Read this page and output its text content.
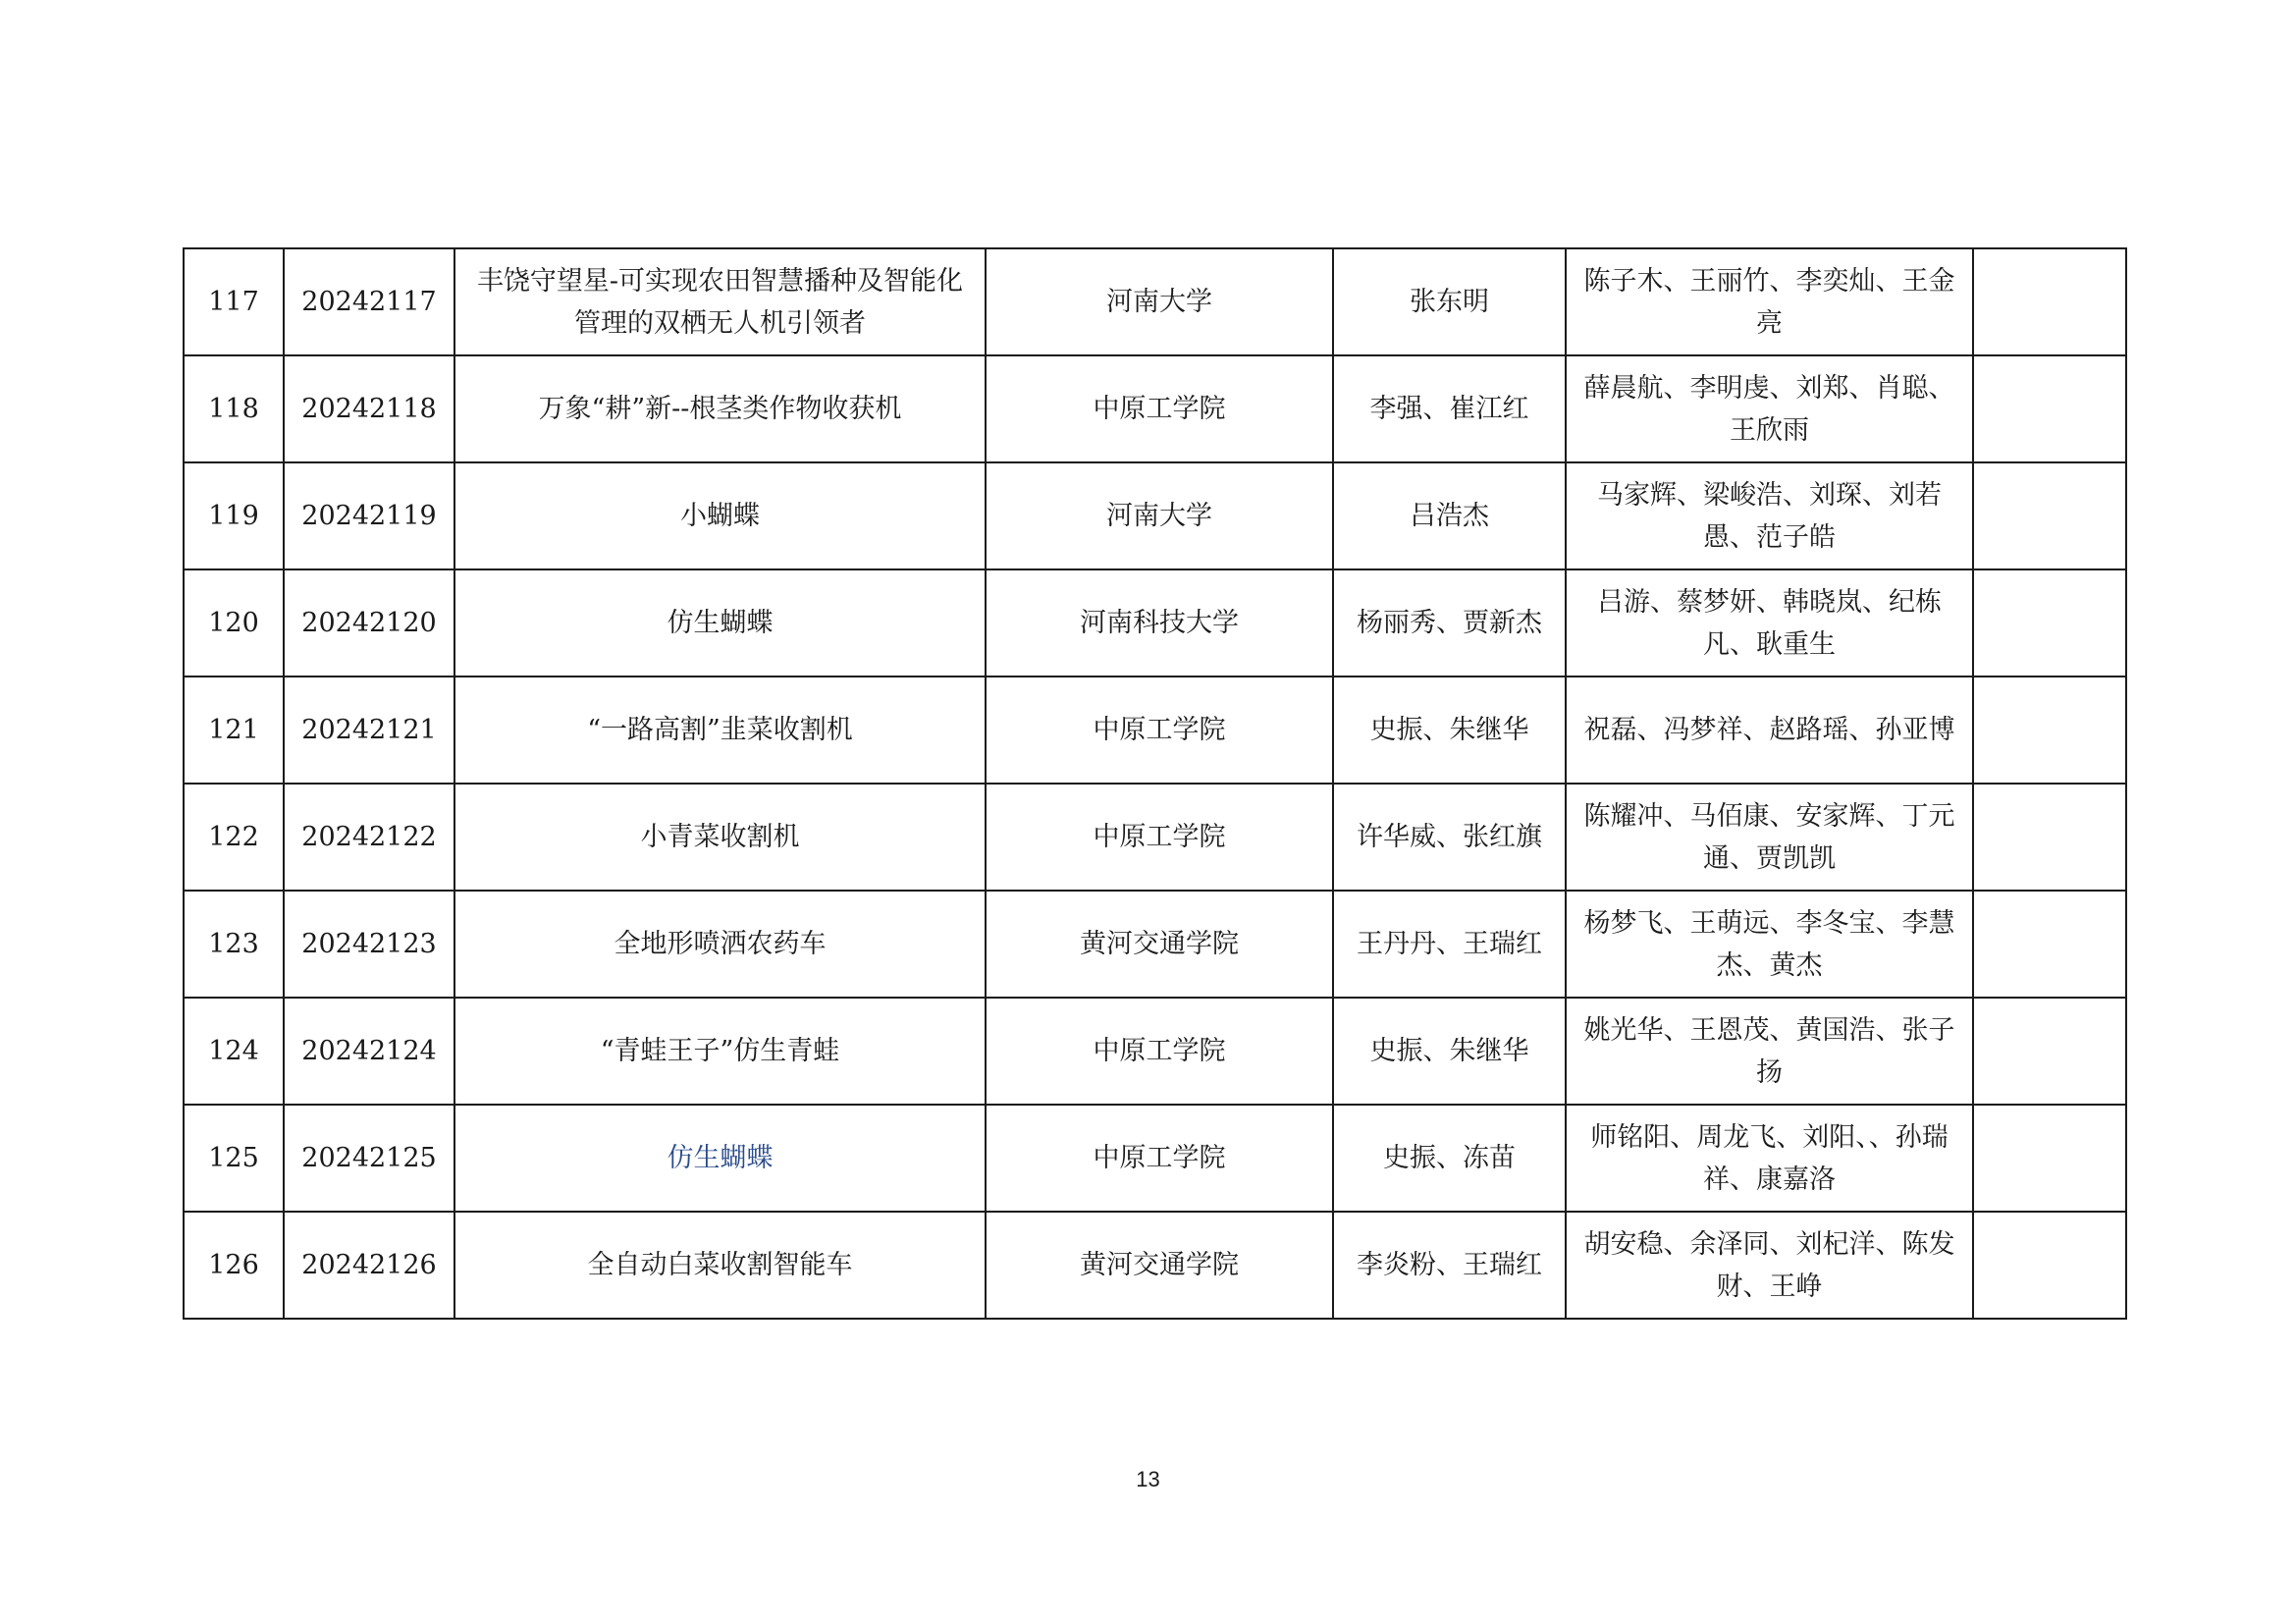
117	20242117	丰饶守望星-可实现农田智慧播种及智能化管理的双栖无人机引领者	河南大学	张东明	陈子木、王丽竹、李奕灿、王金亮	
118	20242118	万象“耕”新--根茎类作物收获机	中原工学院	李强、崔江红	薛晨航、李明虔、刘郑、肖聪、王欣雨	
119	20242119	小蝴蝶	河南大学	吕浩杰	马家辉、梁峻浩、刘琛、刘若愚、范子皓	
120	20242120	仿生蝴蝶	河南科技大学	杨丽秀、贾新杰	吕游、蔡梦妍、韩晓岚、纪栋凡、耿重生	
121	20242121	“一路高割”韭菜收割机	中原工学院	史振、朱继华	祝磊、冯梦祥、赵路瑶、孙亚博	
122	20242122	小青菜收割机	中原工学院	许华威、张红旗	陈耀冲、马佰康、安家辉、丁元通、贾凯凯	
123	20242123	全地形喷洒农药车	黄河交通学院	王丹丹、王瑞红	杨梦飞、王萌远、李冬宝、李慧杰、黄杰	
124	20242124	“青蛙王子”仿生青蛙	中原工学院	史振、朱继华	姚光华、王恩茂、黄国浩、张子扬	
125	20242125	仿生蝴蝶	中原工学院	史振、冻苗	师铭阳、周龙飞、刘阳、、孙瑞祥、康嘉洛	
126	20242126	全自动白菜收割智能车	黄河交通学院	李炎粉、王瑞红	胡安稳、余泽同、刘杞洋、陈发财、王峥	
13
